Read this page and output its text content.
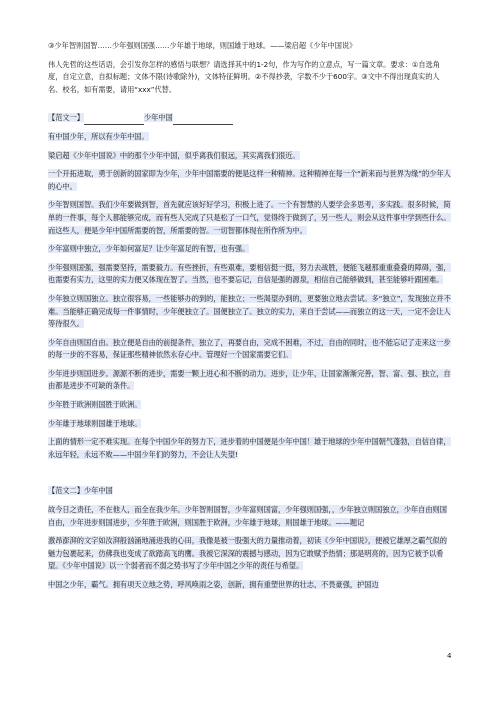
③少年智则国智……少年强则国强……少年雄于地球，则国雄于地球。——梁启超《少年中国说》

伟人先哲的这些话语，会引发你怎样的感悟与联想？请选择其中的1-2句，作为写作的立意点，写一篇文章。要求：①自选角度，自定立意，自拟标题；文体不限(诗歌除外)，文体特征鲜明。②不得抄袭，字数不少于600字。③文中不得出现真实的人名、校名，如有需要，请用“xxx”代替。

【范文一】	少年中国

有中国少年，所以有少年中国。

梁启超《少年中国说》中的那个少年中国，似乎离我们很远，其实离我们很近。

一个开拓进取，勇于创新的国家即为少年，少年中国需要的便是这样一种精神。这种精神在每一个“新来而与世界为缘”的少年人的心中。

少年智则国智。我们少年要做到智，首先就应该好好学习，积极上进了。一个有智慧的人要学会多思考，多实践。很多时候，简单的一件事，每个人都能够完成，而有些人完成了只是松了一口气，觉得终于做到了，另一些人，则会从这件事中学到些什么。而这些人，便是少年中国所需要的智，所需要的智。一切智都体现在所作所为中。

少年富则中独立，少年如何富足？让少年富足的有智，也有强。

少年强则国强，强需要坚持，需要毅力。有些挫折，有些艰难，要相信挺一挺，努力去战胜，便能飞越那重重叠叠的障碍，强，也需要有实力，这里的实力便又体现在智了。当然，也不要忘记，自信是强的源泉，相信自己能够做到，甚至能够叶跟困难。

少年独立则国独立。独立很容易，一些能够办的到的，能独立；一些渴望办到的，更要独立地去尝试。多“独立”，发现独立并不难。当能够正确完成每一件事情时，少年便独立了。国便独立了。独立的实力，来自于尝试——而独立的这一天，一定不会让人等待很久。

少年自由则国自由。独立便是自由的前提条件，独立了，再要自由，完成不困难，不过，自由的同时，也不能忘记了走来这一步的每一步的不容易，保证那些精神依然永存心中。管理好一个国家需要它们。

少年进步则国进步。源源不断的进步，需要一颗上进心和不断的动力。进步，让少年，让国家渐渐完善，智、富、强、独立，自由都是进步不可缺的条件。

少年胜于欧洲则国胜于欧洲。

少年雄于地球则国雄于地球。

上面的情形一定不难实现。在每个中国少年的努力下，进步着的中国便是少年中国！雄于地球的少年中国朝气蓬勃，自信自律，永远年轻，永远不败——中国少年们的努力，不会让人失望!

【范文二】少年中国

故今日之责任，不在他人，而全在我少年。少年智则国智，少年富则国富，少年强则国强，，少年独立则国独立，少年自由则国自由，少年进步则国进步，少年胜于欧洲，则国胜于欧洲，少年雄于地球，则国雄于地球。——题记

激昂澎湃的文字如汝湃般汹涌地涌进我的心田，我像是被一股强大的力量推动着，初读《少年中国说》，便被它雄厚之霸气似的魅力包裹起来，仿佛我也变成了欲踏高飞的鹰。我被它深深的震撼与感动，因为它敢赋予热情；那是明亮的，因为它被予以希望。《少年中国说》以一个弱者而不弱之势书写了少年中国之少年的责任与希望。

中国之少年，霸气。拥有项天立地之势，呼风唤雨之姿，创新，拥有重塑世界的壮志，不畏豪强，护国边

4
